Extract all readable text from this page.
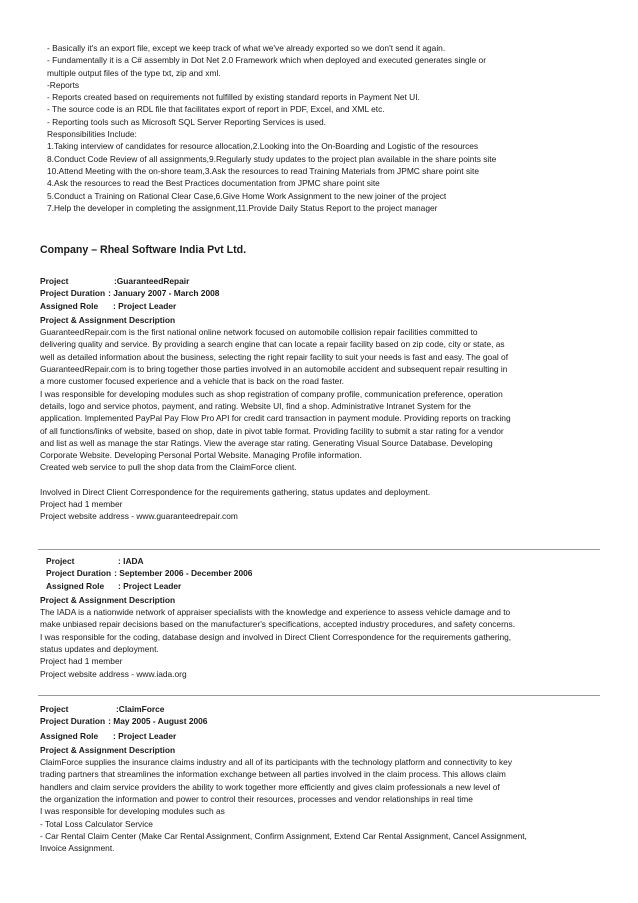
- Basically it's an export file, except we keep track of what we've already exported so we don't send it again.
- Fundamentally it is a C# assembly in Dot Net 2.0 Framework which when deployed and executed generates single or
multiple output files of the type txt, zip and xml.
-Reports
- Reports created based on requirements not fulfilled by existing standard reports in Payment Net UI.
- The source code is an RDL file that facilitates export of report in PDF, Excel, and XML etc.
- Reporting tools such as Microsoft SQL Server Reporting Services is used.
Responsibilities Include:
1.Taking interview of candidates for resource allocation,2.Looking into the On-Boarding and Logistic of the resources
8.Conduct Code Review of all assignments,9.Regularly study updates to the project plan available in the share points site
10.Attend Meeting with the on-shore team,3.Ask the resources to read Training Materials from JPMC share point site
4.Ask the resources to read the Best Practices documentation from JPMC share point site
5.Conduct a Training on Rational Clear Case,6.Give Home Work Assignment to the new joiner of the project
7.Help the developer in completing the assignment,11.Provide Daily Status Report to the project manager
Company – Rheal Software India Pvt Ltd.
Project	:GuaranteedRepair
Project Duration : January 2007 - March 2008
Assigned Role	: Project Leader
Project & Assignment Description
GuaranteedRepair.com is the first national online network focused on automobile collision repair facilities committed to
delivering quality and service. By providing a search engine that can locate a repair facility based on zip code, city or state, as
well as detailed information about the business, selecting the right repair facility to suit your needs is fast and easy. The goal of
GuaranteedRepair.com is to bring together those parties involved in an automobile accident and subsequent repair resulting in
a more customer focused experience and a vehicle that is back on the road faster.
I was responsible for developing modules such as shop registration of company profile, communication preference, operation
details, logo and service photos, payment, and rating. Website UI, find a shop. Administrative Intranet System for the
application. Implemented PayPal Pay Flow Pro API for credit card transaction in payment module. Providing reports on tracking
of all functions/links of website, based on shop, date in pivot table format. Providing facility to submit a star rating for a vendor
and list as well as manage the star Ratings. View the average star rating. Generating Visual Source Database. Developing
Corporate Website. Developing Personal Portal Website. Managing Profile information.
Created web service to pull the shop data from the ClaimForce client.
Involved in Direct Client Correspondence for the requirements gathering, status updates and deployment.
Project had 1 member
Project website address - www.guaranteedrepair.com
Project	: IADA
Project Duration : September 2006 - December 2006
Assigned Role	: Project Leader
Project & Assignment Description
The IADA is a nationwide network of appraiser specialists with the knowledge and experience to assess vehicle damage and to
make unbiased repair decisions based on the manufacturer's specifications, accepted industry procedures, and safety concerns.
I was responsible for the coding, database design and involved in Direct Client Correspondence for the requirements gathering,
status updates and deployment.
Project had 1 member
Project website address - www.iada.org
Project	:ClaimForce
Project Duration : May 2005 - August 2006
Assigned Role	: Project Leader
Project & Assignment Description
ClaimForce supplies the insurance claims industry and all of its participants with the technology platform and connectivity to key
trading partners that streamlines the information exchange between all parties involved in the claim process. This allows claim
handlers and claim service providers the ability to work together more efficiently and gives claim professionals a new level of
the organization the information and power to control their resources, processes and vendor relationships in real time
I was responsible for developing modules such as
- Total Loss Calculator Service
- Car Rental Claim Center (Make Car Rental Assignment, Confirm Assignment, Extend Car Rental Assignment, Cancel Assignment,
Invoice Assignment.
